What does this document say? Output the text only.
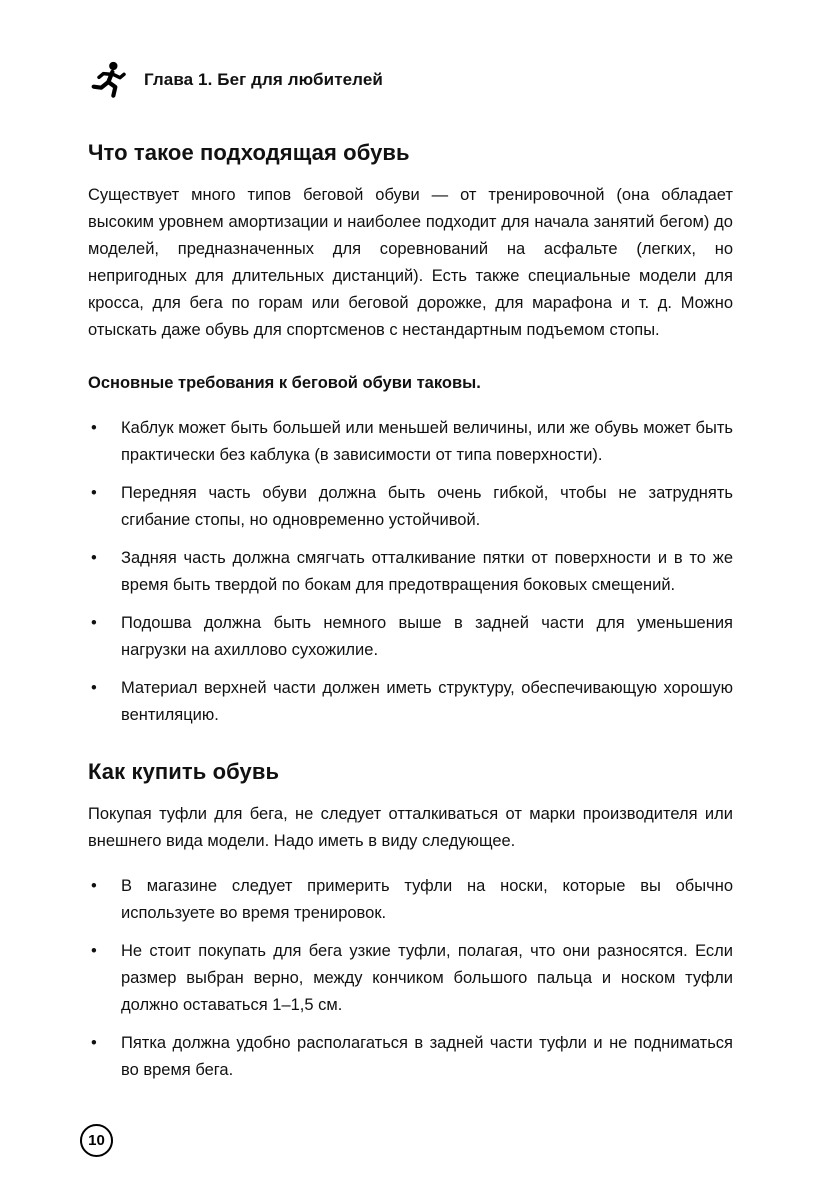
Глава 1. Бег для любителей
Что такое подходящая обувь

Существует много типов беговой обуви — от тренировочной (она обладает высоким уровнем амортизации и наиболее подходит для начала занятий бегом) до моделей, предназначенных для соревнований на асфальте (легких, но непригодных для длительных дистанций). Есть также специальные модели для кросса, для бега по горам или беговой дорожке, для марафона и т. д. Можно отыскать даже обувь для спортсменов с нестандартным подъемом стопы.

Основные требования к беговой обуви таковы.

• Каблук может быть большей или меньшей величины, или же обувь может быть практически без каблука (в зависимости от типа поверхности).
• Передняя часть обуви должна быть очень гибкой, чтобы не затруднять сгибание стопы, но одновременно устойчивой.
• Задняя часть должна смягчать отталкивание пятки от поверхности и в то же время быть твердой по бокам для предотвращения боковых смещений.
• Подошва должна быть немного выше в задней части для уменьшения нагрузки на ахиллово сухожилие.
• Материал верхней части должен иметь структуру, обеспечивающую хорошую вентиляцию.
Как купить обувь

Покупая туфли для бега, не следует отталкиваться от марки производителя или внешнего вида модели. Надо иметь в виду следующее.

• В магазине следует примерить туфли на носки, которые вы обычно используете во время тренировок.
• Не стоит покупать для бега узкие туфли, полагая, что они разносятся. Если размер выбран верно, между кончиком большого пальца и носком туфли должно оставаться 1–1,5 см.
• Пятка должна удобно располагаться в задней части туфли и не подниматься во время бега.
10
